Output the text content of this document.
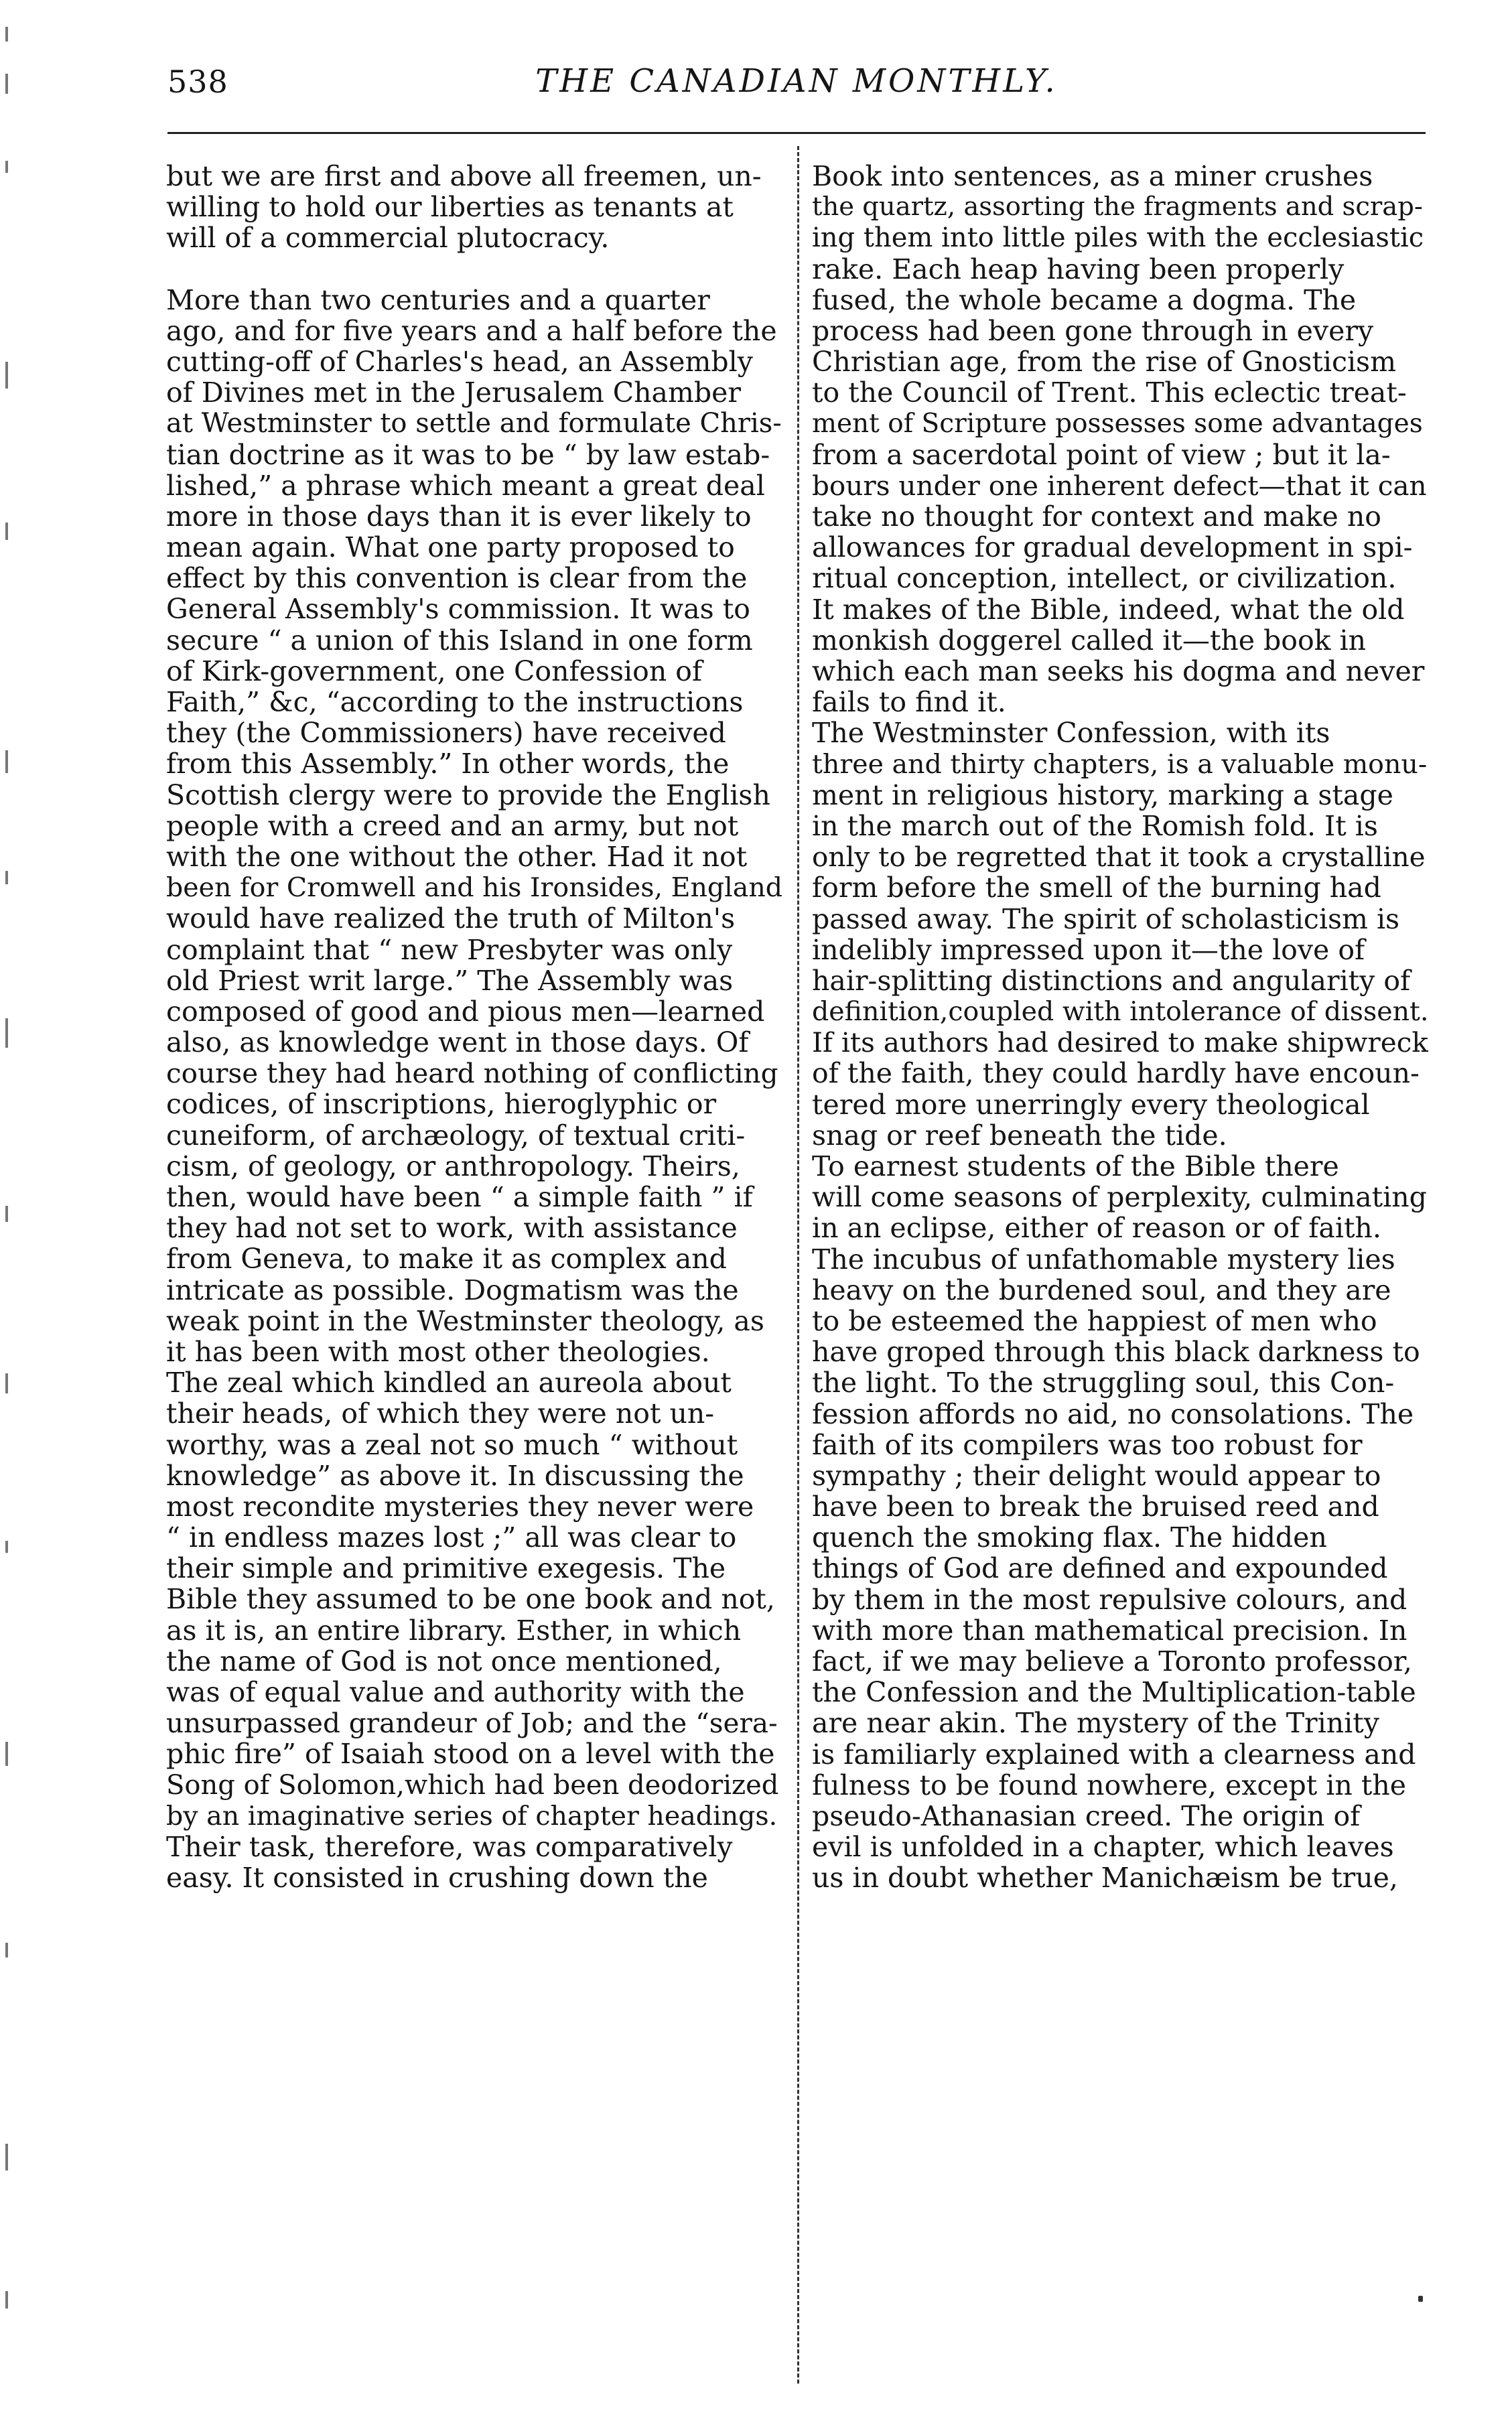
538	THE CANADIAN MONTHLY.
but we are first and above all freemen, un-
willing to hold our liberties as tenants at
will of a commercial plutocracy.
More than two centuries and a quarter
ago, and for five years and a half before the
cutting-off of Charles's head, an Assembly
of Divines met in the Jerusalem Chamber
at Westminster to settle and formulate Chris-
tian doctrine as it was to be “ by law estab-
lished,” a phrase which meant a great deal
more in those days than it is ever likely to
mean again. What one party proposed to
effect by this convention is clear from the
General Assembly's commission. It was to
secure “ a union of this Island in one form
of Kirk-government, one Confession of
Faith,” &c, “according to the instructions
they (the Commissioners) have received
from this Assembly.” In other words, the
Scottish clergy were to provide the English
people with a creed and an army, but not
with the one without the other. Had it not
been for Cromwell and his Ironsides, England
would have realized the truth of Milton's
complaint that “ new Presbyter was only
old Priest writ large.” The Assembly was
composed of good and pious men—learned
also, as knowledge went in those days. Of
course they had heard nothing of conflicting
codices, of inscriptions, hieroglyphic or
cuneiform, of archæology, of textual criti-
cism, of geology, or anthropology. Theirs,
then, would have been “ a simple faith ” if
they had not set to work, with assistance
from Geneva, to make it as complex and
intricate as possible. Dogmatism was the
weak point in the Westminster theology, as
it has been with most other theologies.
The zeal which kindled an aureola about
their heads, of which they were not un-
worthy, was a zeal not so much “ without
knowledge” as above it. In discussing the
most recondite mysteries they never were
“ in endless mazes lost ;” all was clear to
their simple and primitive exegesis. The
Bible they assumed to be one book and not,
as it is, an entire library. Esther, in which
the name of God is not once mentioned,
was of equal value and authority with the
unsurpassed grandeur of Job; and the “sera-
phic fire” of Isaiah stood on a level with the
Song of Solomon,which had been deodorized
by an imaginative series of chapter headings.
Their task, therefore, was comparatively
easy. It consisted in crushing down the
Book into sentences, as a miner crushes
the quartz, assorting the fragments and scrap-
ing them into little piles with the ecclesiastic
rake. Each heap having been properly
fused, the whole became a dogma. The
process had been gone through in every
Christian age, from the rise of Gnosticism
to the Council of Trent. This eclectic treat-
ment of Scripture possesses some advantages
from a sacerdotal point of view ; but it la-
bours under one inherent defect—that it can
take no thought for context and make no
allowances for gradual development in spi-
ritual conception, intellect, or civilization.
It makes of the Bible, indeed, what the old
monkish doggerel called it—the book in
which each man seeks his dogma and never
fails to find it.
The Westminster Confession, with its
three and thirty chapters, is a valuable monu-
ment in religious history, marking a stage
in the march out of the Romish fold. It is
only to be regretted that it took a crystalline
form before the smell of the burning had
passed away. The spirit of scholasticism is
indelibly impressed upon it—the love of
hair-splitting distinctions and angularity of
definition,coupled with intolerance of dissent.
If its authors had desired to make shipwreck
of the faith, they could hardly have encoun-
tered more unerringly every theological
snag or reef beneath the tide.
To earnest students of the Bible there
will come seasons of perplexity, culminating
in an eclipse, either of reason or of faith.
The incubus of unfathomable mystery lies
heavy on the burdened soul, and they are
to be esteemed the happiest of men who
have groped through this black darkness to
the light. To the struggling soul, this Con-
fession affords no aid, no consolations. The
faith of its compilers was too robust for
sympathy ; their delight would appear to
have been to break the bruised reed and
quench the smoking flax. The hidden
things of God are defined and expounded
by them in the most repulsive colours, and
with more than mathematical precision. In
fact, if we may believe a Toronto professor,
the Confession and the Multiplication-table
are near akin. The mystery of the Trinity
is familiarly explained with a clearness and
fulness to be found nowhere, except in the
pseudo-Athanasian creed. The origin of
evil is unfolded in a chapter, which leaves
us in doubt whether Manichæism be true,
